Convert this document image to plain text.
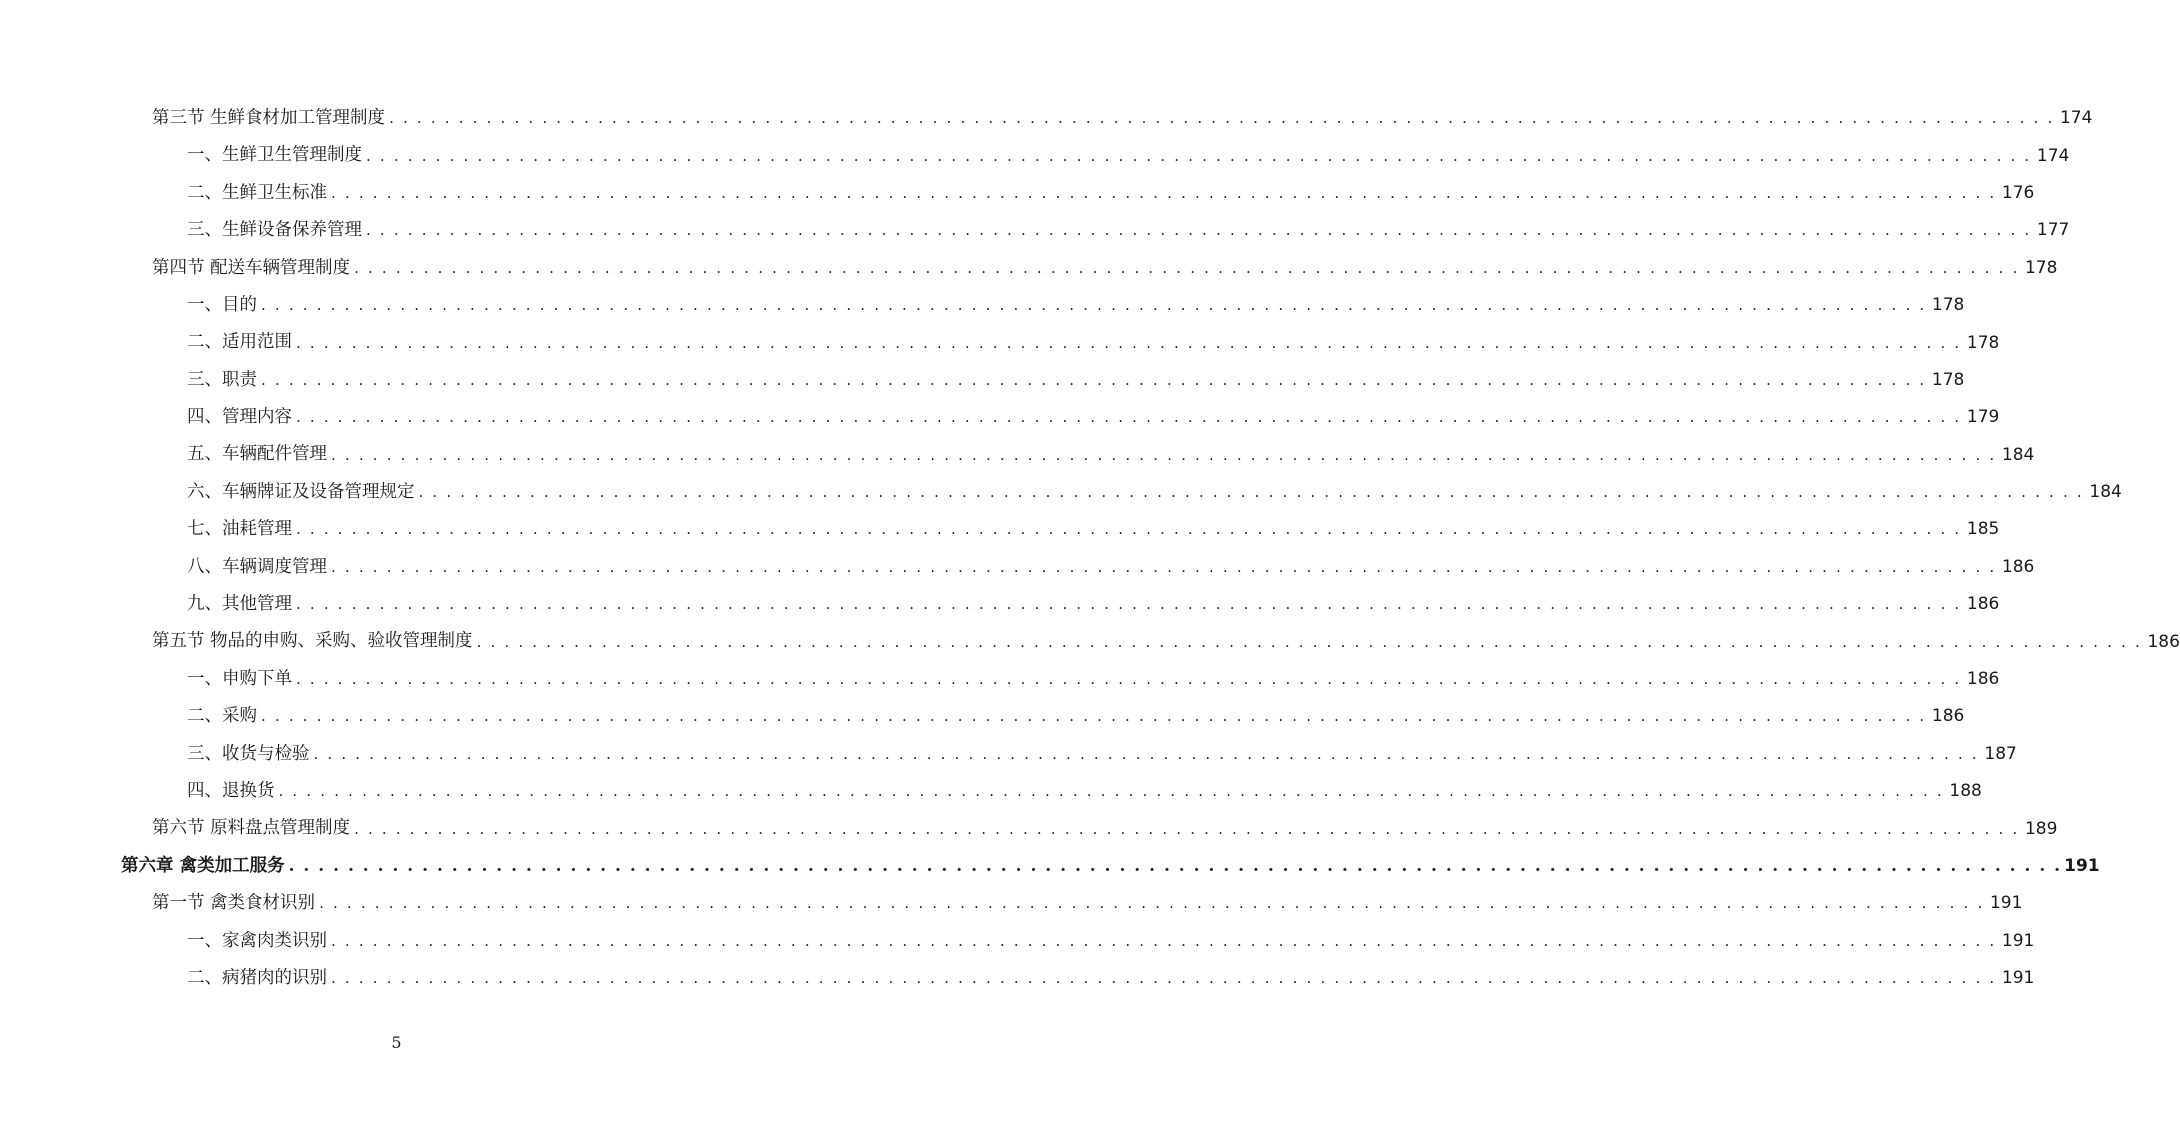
第三节 生鲜食材加工管理制度 . . . . . . . . . . . . . . . . . . . . . . . . . . . . . . . . . . . . . . . . . . . . . . . . . . . . . . . . . . . . . . . . . . . . . . . . . . . . . . . . . . . . . . . . . . . . . . . . . . . . . . . . . . . . . . . . . . . . . . . . 174
一、生鲜卫生管理制度 . . . . . . . . . . . . . . . . . . . . . . . . . . . . . . . . . . . . . . . . . . . . . . . . . . . . . . . . . . . . . . . . . . . . . . . . . . . . . . . . . . . . . . . . . . . . . . . . . . . . . . . . . . . . . . . . . . . . . . . . 174
二、生鲜卫生标准 . . . . . . . . . . . . . . . . . . . . . . . . . . . . . . . . . . . . . . . . . . . . . . . . . . . . . . . . . . . . . . . . . . . . . . . . . . . . . . . . . . . . . . . . . . . . . . . . . . . . . . . . . . . . . . . . . . . . . . . . 176
三、生鲜设备保养管理 . . . . . . . . . . . . . . . . . . . . . . . . . . . . . . . . . . . . . . . . . . . . . . . . . . . . . . . . . . . . . . . . . . . . . . . . . . . . . . . . . . . . . . . . . . . . . . . . . . . . . . . . . . . . . . . . . . . . . . . . 177
第四节 配送车辆管理制度 . . . . . . . . . . . . . . . . . . . . . . . . . . . . . . . . . . . . . . . . . . . . . . . . . . . . . . . . . . . . . . . . . . . . . . . . . . . . . . . . . . . . . . . . . . . . . . . . . . . . . . . . . . . . . . . . . . . . . . . . 178
一、目的 . . . . . . . . . . . . . . . . . . . . . . . . . . . . . . . . . . . . . . . . . . . . . . . . . . . . . . . . . . . . . . . . . . . . . . . . . . . . . . . . . . . . . . . . . . . . . . . . . . . . . . . . . . . . . . . . . . . . . . . . 178
二、适用范围 . . . . . . . . . . . . . . . . . . . . . . . . . . . . . . . . . . . . . . . . . . . . . . . . . . . . . . . . . . . . . . . . . . . . . . . . . . . . . . . . . . . . . . . . . . . . . . . . . . . . . . . . . . . . . . . . . . . . . . . . 178
三、职责 . . . . . . . . . . . . . . . . . . . . . . . . . . . . . . . . . . . . . . . . . . . . . . . . . . . . . . . . . . . . . . . . . . . . . . . . . . . . . . . . . . . . . . . . . . . . . . . . . . . . . . . . . . . . . . . . . . . . . . . . 178
四、管理内容 . . . . . . . . . . . . . . . . . . . . . . . . . . . . . . . . . . . . . . . . . . . . . . . . . . . . . . . . . . . . . . . . . . . . . . . . . . . . . . . . . . . . . . . . . . . . . . . . . . . . . . . . . . . . . . . . . . . . . . . . 179
五、车辆配件管理 . . . . . . . . . . . . . . . . . . . . . . . . . . . . . . . . . . . . . . . . . . . . . . . . . . . . . . . . . . . . . . . . . . . . . . . . . . . . . . . . . . . . . . . . . . . . . . . . . . . . . . . . . . . . . . . . . . . . . . . . 184
六、车辆牌证及设备管理规定 . . . . . . . . . . . . . . . . . . . . . . . . . . . . . . . . . . . . . . . . . . . . . . . . . . . . . . . . . . . . . . . . . . . . . . . . . . . . . . . . . . . . . . . . . . . . . . . . . . . . . . . . . . . . . . . . . . . . . . . . 184
七、油耗管理 . . . . . . . . . . . . . . . . . . . . . . . . . . . . . . . . . . . . . . . . . . . . . . . . . . . . . . . . . . . . . . . . . . . . . . . . . . . . . . . . . . . . . . . . . . . . . . . . . . . . . . . . . . . . . . . . . . . . . . . . 185
八、车辆调度管理 . . . . . . . . . . . . . . . . . . . . . . . . . . . . . . . . . . . . . . . . . . . . . . . . . . . . . . . . . . . . . . . . . . . . . . . . . . . . . . . . . . . . . . . . . . . . . . . . . . . . . . . . . . . . . . . . . . . . . . . . 186
九、其他管理 . . . . . . . . . . . . . . . . . . . . . . . . . . . . . . . . . . . . . . . . . . . . . . . . . . . . . . . . . . . . . . . . . . . . . . . . . . . . . . . . . . . . . . . . . . . . . . . . . . . . . . . . . . . . . . . . . . . . . . . . 186
第五节 物品的申购、采购、验收管理制度 . . . . . . . . . . . . . . . . . . . . . . . . . . . . . . . . . . . . . . . . . . . . . . . . . . . . . . . . . . . . . . . . . . . . . . . . . . . . . . . . . . . . . . . . . . . . . . . . . . . . . . . . . . . . . . . . . . . . . . . . 186
一、申购下单 . . . . . . . . . . . . . . . . . . . . . . . . . . . . . . . . . . . . . . . . . . . . . . . . . . . . . . . . . . . . . . . . . . . . . . . . . . . . . . . . . . . . . . . . . . . . . . . . . . . . . . . . . . . . . . . . . . . . . . . . 186
二、采购 . . . . . . . . . . . . . . . . . . . . . . . . . . . . . . . . . . . . . . . . . . . . . . . . . . . . . . . . . . . . . . . . . . . . . . . . . . . . . . . . . . . . . . . . . . . . . . . . . . . . . . . . . . . . . . . . . . . . . . . . 186
三、收货与检验 . . . . . . . . . . . . . . . . . . . . . . . . . . . . . . . . . . . . . . . . . . . . . . . . . . . . . . . . . . . . . . . . . . . . . . . . . . . . . . . . . . . . . . . . . . . . . . . . . . . . . . . . . . . . . . . . . . . . . . . . 187
四、退换货 . . . . . . . . . . . . . . . . . . . . . . . . . . . . . . . . . . . . . . . . . . . . . . . . . . . . . . . . . . . . . . . . . . . . . . . . . . . . . . . . . . . . . . . . . . . . . . . . . . . . . . . . . . . . . . . . . . . . . . . . 188
第六节 原料盘点管理制度 . . . . . . . . . . . . . . . . . . . . . . . . . . . . . . . . . . . . . . . . . . . . . . . . . . . . . . . . . . . . . . . . . . . . . . . . . . . . . . . . . . . . . . . . . . . . . . . . . . . . . . . . . . . . . . . . . . . . . . . . 189
第六章 禽类加工服务 . . . . . . . . . . . . . . . . . . . . . . . . . . . . . . . . . . . . . . . . . . . . . . . . . . . . . . . . . . . . . . . . . . . . . . . . . . . . . . . . . . . . . . . . . . . . . . . . . . . . . . . . . . . . . . . . . . . . . . . . 191
第一节 禽类食材识别 . . . . . . . . . . . . . . . . . . . . . . . . . . . . . . . . . . . . . . . . . . . . . . . . . . . . . . . . . . . . . . . . . . . . . . . . . . . . . . . . . . . . . . . . . . . . . . . . . . . . . . . . . . . . . . . . . . . . . . . . 191
一、家禽肉类识别 . . . . . . . . . . . . . . . . . . . . . . . . . . . . . . . . . . . . . . . . . . . . . . . . . . . . . . . . . . . . . . . . . . . . . . . . . . . . . . . . . . . . . . . . . . . . . . . . . . . . . . . . . . . . . . . . . . . . . . . . 191
二、病猪肉的识别 . . . . . . . . . . . . . . . . . . . . . . . . . . . . . . . . . . . . . . . . . . . . . . . . . . . . . . . . . . . . . . . . . . . . . . . . . . . . . . . . . . . . . . . . . . . . . . . . . . . . . . . . . . . . . . . . . . . . . . . . 191
5
